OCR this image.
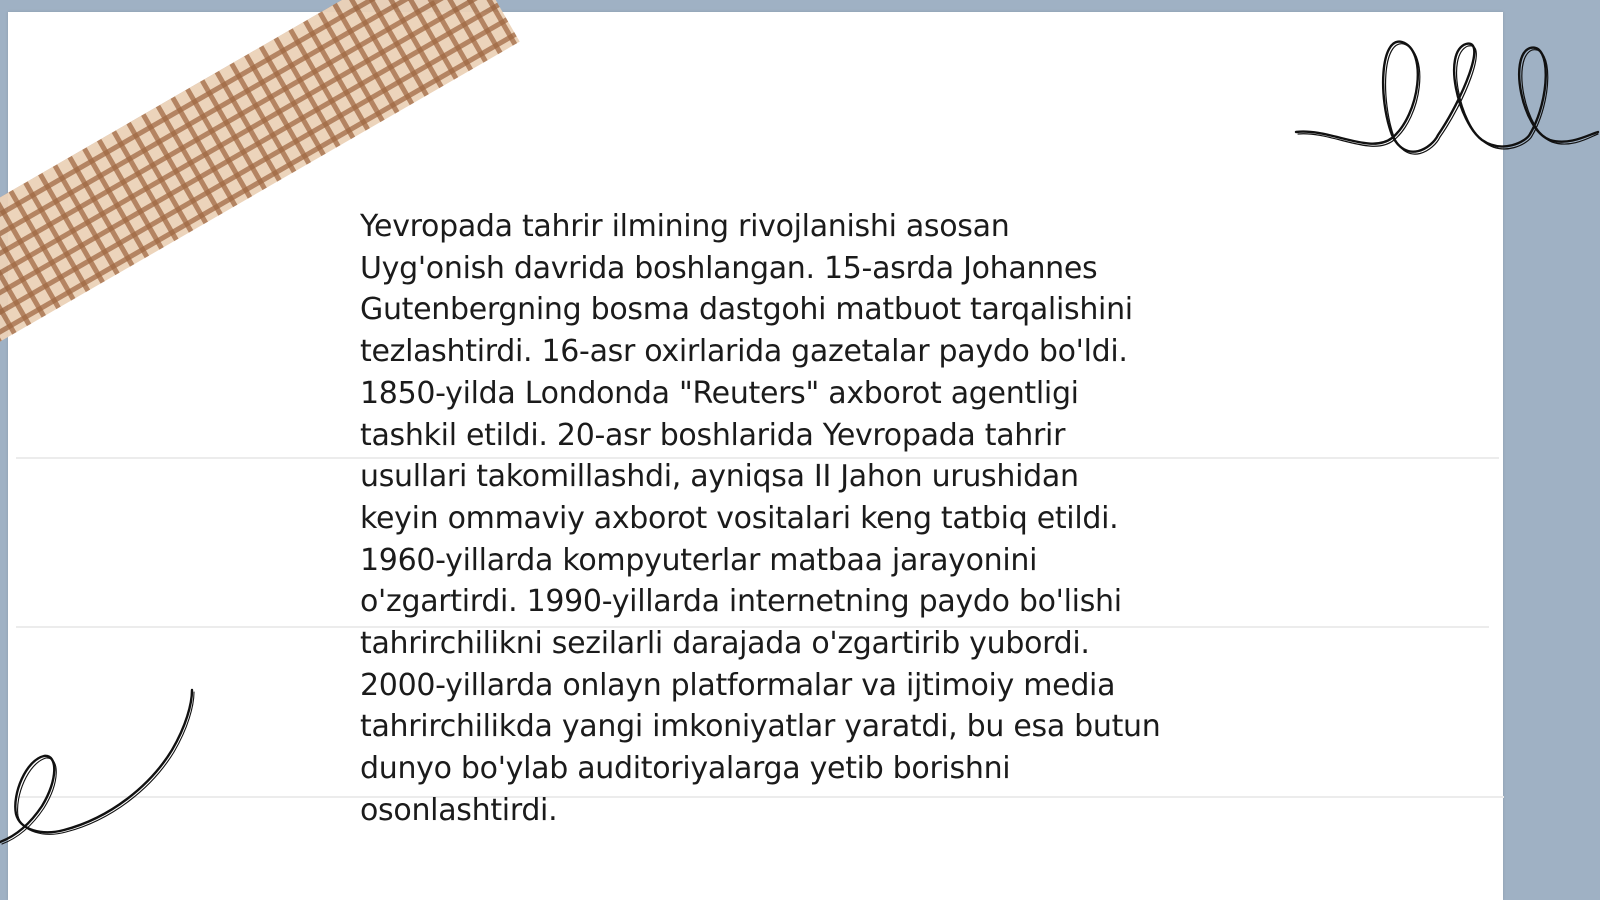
Yevropada tahrir ilmining rivojlanishi asosan
Uyg'onish davrida boshlangan. 15-asrda Johannes
Gutenbergning bosma dastgohi matbuot tarqalishini
tezlashtirdi. 16-asr oxirlarida gazetalar paydo bo'ldi.
1850-yilda Londonda "Reuters" axborot agentligi
tashkil etildi. 20-asr boshlarida Yevropada tahrir
usullari takomillashdi, ayniqsa II Jahon urushidan
keyin ommaviy axborot vositalari keng tatbiq etildi.
1960-yillarda kompyuterlar matbaa jarayonini
o'zgartirdi. 1990-yillarda internetning paydo bo'lishi
tahrirchilikni sezilarli darajada o'zgartirib yubordi.
2000-yillarda onlayn platformalar va ijtimoiy media
tahrirchilikda yangi imkoniyatlar yaratdi, bu esa butun
dunyo bo'ylab auditoriyalarga yetib borishni
osonlashtirdi.
